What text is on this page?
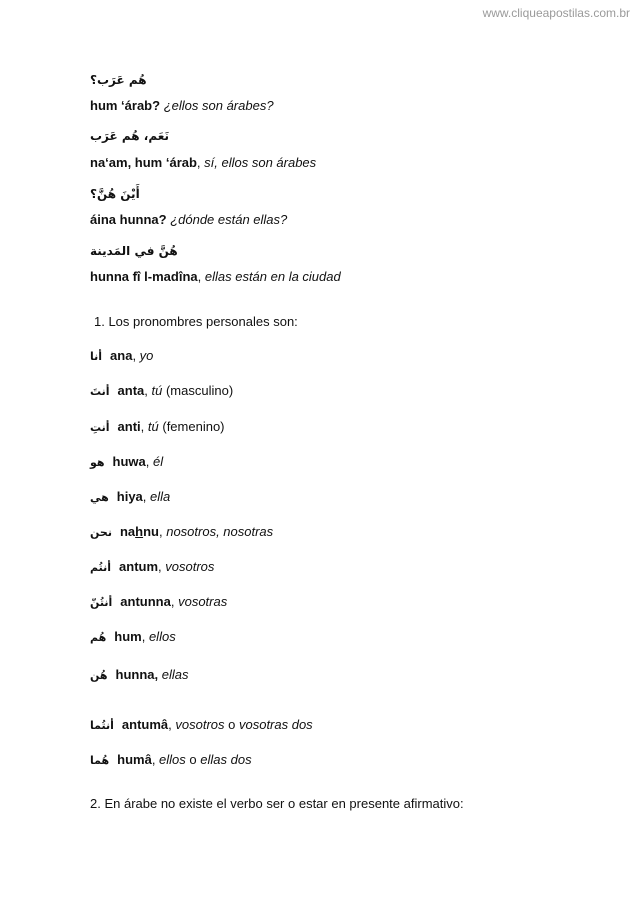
www.cliqueapostilas.com.br
هُم عَرَب؟
hum ‘árab? ¿ellos son árabes?
نَعَم، هُم عَرَب
na‘am, hum ‘árab, sí, ellos son árabes
أَيْنَ هُنَّ؟
áina hunna? ¿dónde están ellas?
هُنَّ في المَدينة
hunna fî l-madîna, ellas están en la ciudad
1. Los pronombres personales son:
أنا ana, yo
أنتَ anta, tú (masculino)
أنتِ anti, tú (femenino)
هو huwa, él
هي hiya, ella
نحن nahnu, nosotros, nosotras
أنتُم antum, vosotros
أنتُنّ antunna, vosotras
هُم hum, ellos
هُن hunna, ellas
أنتُما antumâ, vosotros o vosotras dos
هُما humâ, ellos o ellas dos
2. En árabe no existe el verbo ser o estar en presente afirmativo:
